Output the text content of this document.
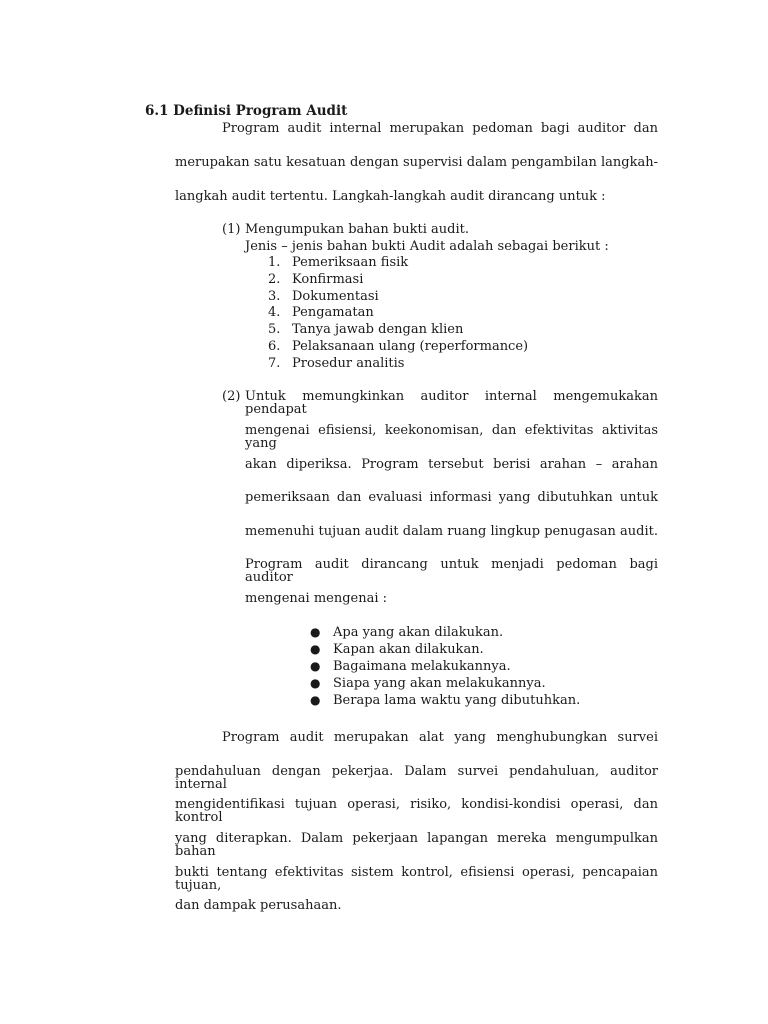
6.1 Definisi Program Audit
Program audit internal merupakan pedoman bagi auditor dan
merupakan satu kesatuan dengan supervisi dalam pengambilan langkah-
langkah audit tertentu. Langkah-langkah audit dirancang untuk :
(1) Mengumpukan bahan bukti audit.
Jenis – jenis bahan bukti Audit adalah sebagai berikut :
1. Pemeriksaan fisik
2. Konfirmasi
3. Dokumentasi
4. Pengamatan
5. Tanya jawab dengan klien
6. Pelaksanaan ulang (reperformance)
7. Prosedur analitis
(2) Untuk memungkinkan auditor internal mengemukakan pendapat
mengenai efisiensi, keekonomisan, dan efektivitas aktivitas yang
akan diperiksa. Program tersebut berisi arahan – arahan
pemeriksaan dan evaluasi informasi yang dibutuhkan untuk
memenuhi tujuan audit dalam ruang lingkup penugasan audit.
Program audit dirancang untuk menjadi pedoman bagi auditor
mengenai mengenai :
● Apa yang akan dilakukan.
● Kapan akan dilakukan.
● Bagaimana melakukannya.
● Siapa yang akan melakukannya.
● Berapa lama waktu yang dibutuhkan.
Program audit merupakan alat yang menghubungkan survei
pendahuluan dengan pekerjaa. Dalam survei pendahuluan, auditor internal
mengidentifikasi tujuan operasi, risiko, kondisi-kondisi operasi, dan kontrol
yang diterapkan. Dalam pekerjaan lapangan mereka mengumpulkan bahan
bukti tentang efektivitas sistem kontrol, efisiensi operasi, pencapaian tujuan,
dan dampak perusahaan.
